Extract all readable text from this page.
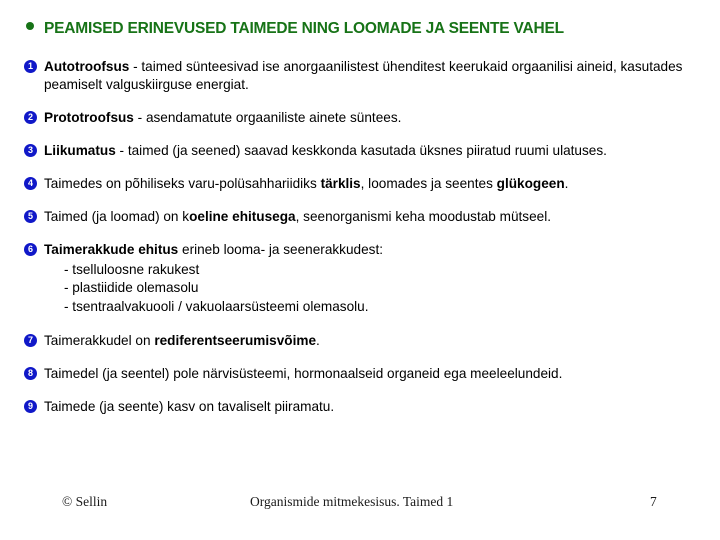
PEAMISED ERINEVUSED TAIMEDE NING LOOMADE JA SEENTE VAHEL
1 Autotroofsus - taimed sünteesivad ise anorgaanilistest ühenditest keerukaid orgaanilisi aineid, kasutades peamiselt valguskiirguse energiat.
2 Prototroofsus - asendamatute orgaaniliste ainete süntees.
3 Liikumatus - taimed (ja seened) saavad keskkonda kasutada üksnes piiratud ruumi ulatuses.
4 Taimedes on põhiliseks varu-polüsahhariidiks tärklis, loomades ja seentes glükogeen.
5 Taimed (ja loomad) on koeline ehitusega, seenorganismi keha moodustab mütseel.
6 Taimerakkude ehitus erineb looma- ja seenerakkudest:
- tselluloosne rakukest
- plastiidide olemasolu
- tsentraalvakuooli / vakuolaarsüsteemi olemasolu.
7 Taimerakkudel on rediferentseerumisvõime.
8 Taimedel (ja seentel) pole närvisüsteemi, hormonaalseid organeid ega meeleelundeid.
9 Taimede (ja seente) kasv on tavaliselt piiramatu.
© Sellin	Organismide mitmekesisus. Taimed 1	7
